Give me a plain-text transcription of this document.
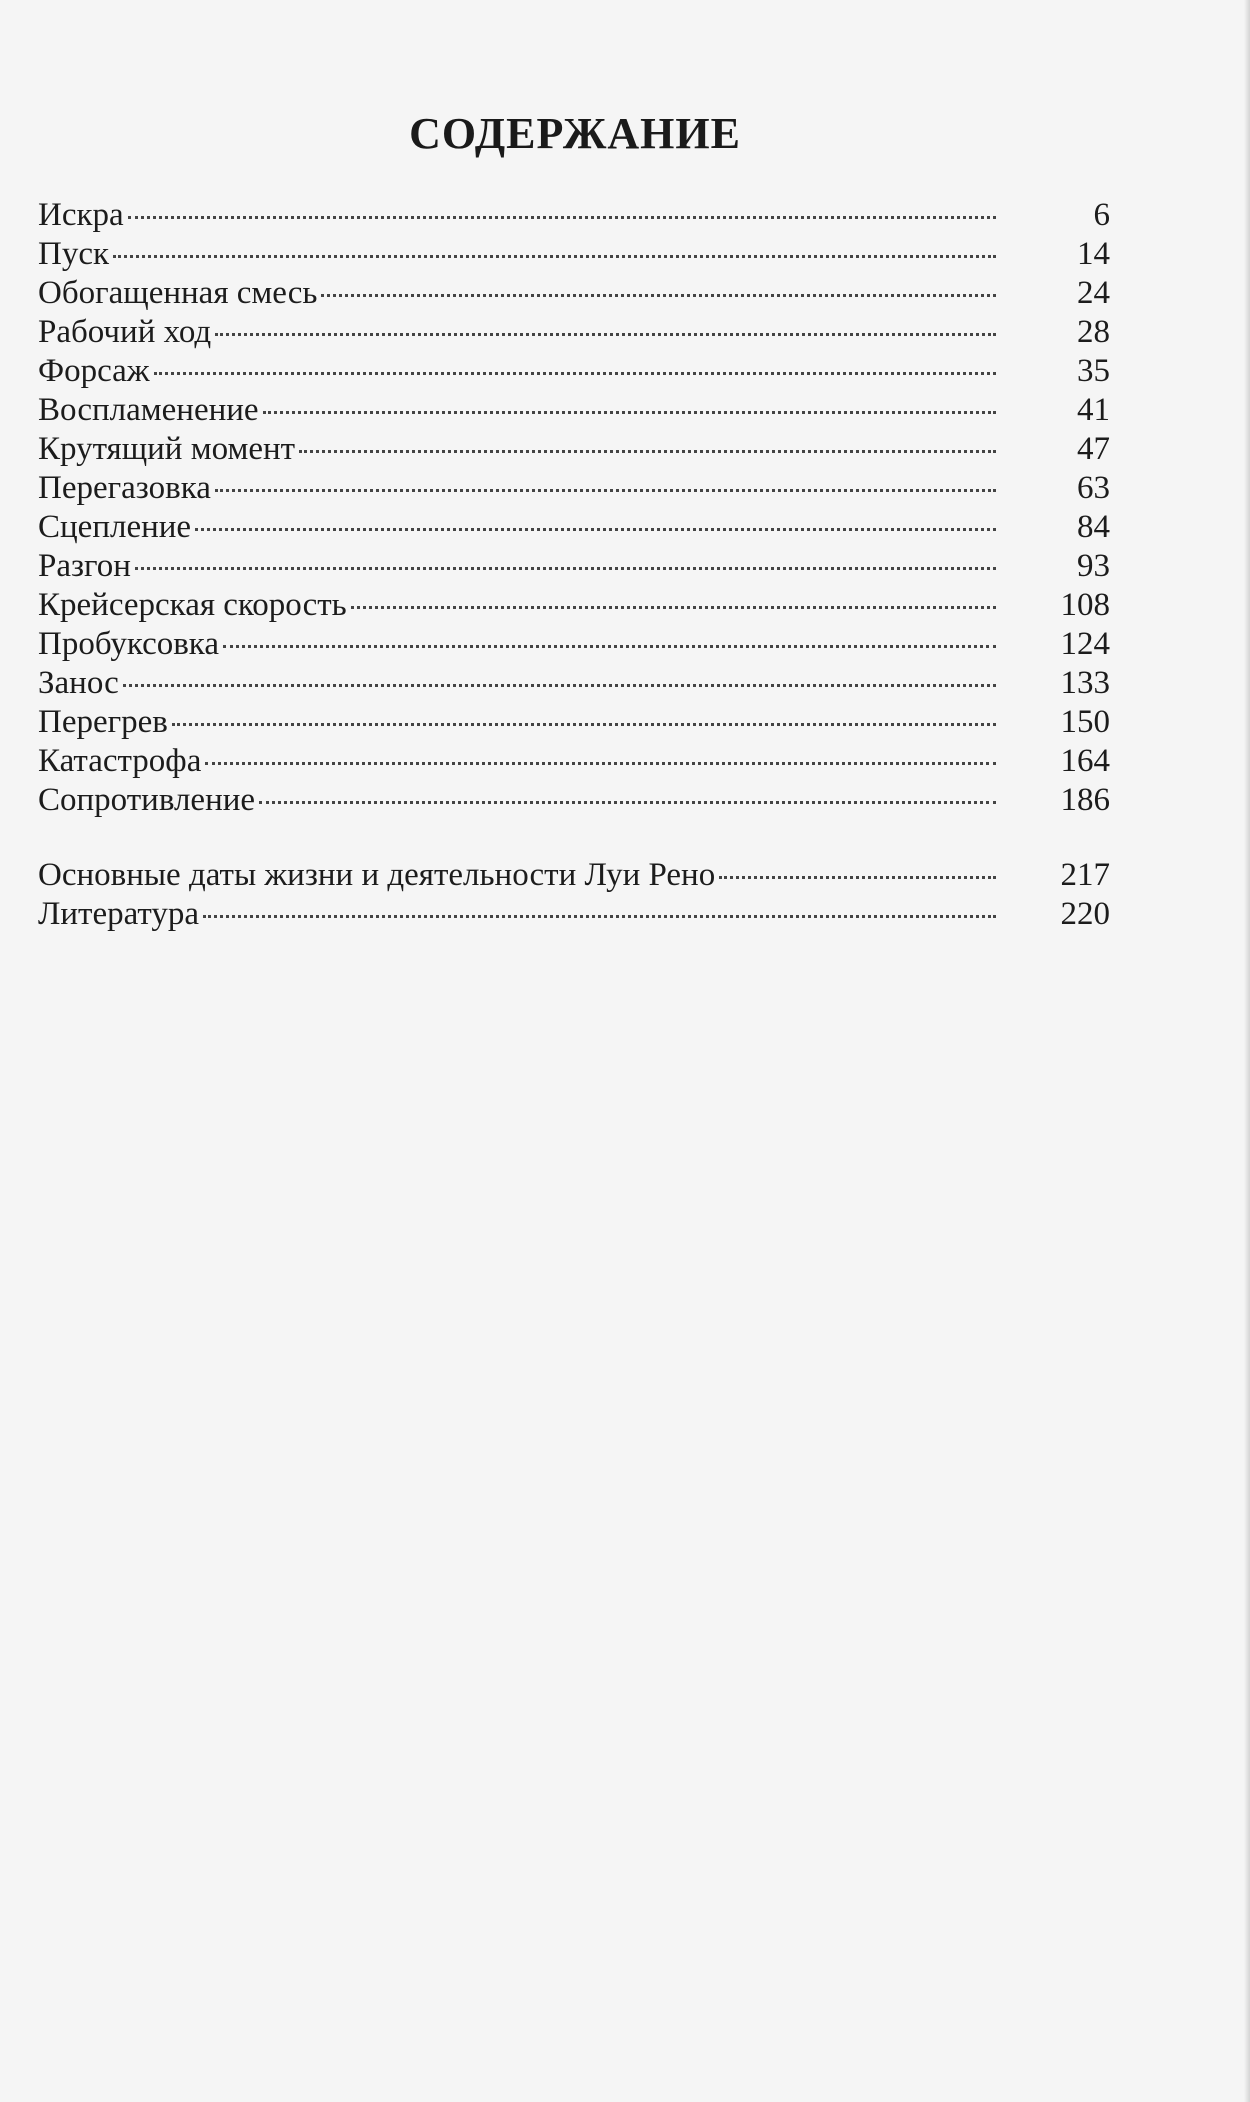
СОДЕРЖАНИЕ
Искра	6
Пуск	14
Обогащенная смесь	24
Рабочий ход	28
Форсаж	35
Воспламенение	41
Крутящий момент	47
Перегазовка	63
Сцепление	84
Разгон	93
Крейсерская скорость	108
Пробуксовка	124
Занос	133
Перегрев	150
Катастрофа	164
Сопротивление	186
Основные даты жизни и деятельности Луи Рено	217
Литература	220
